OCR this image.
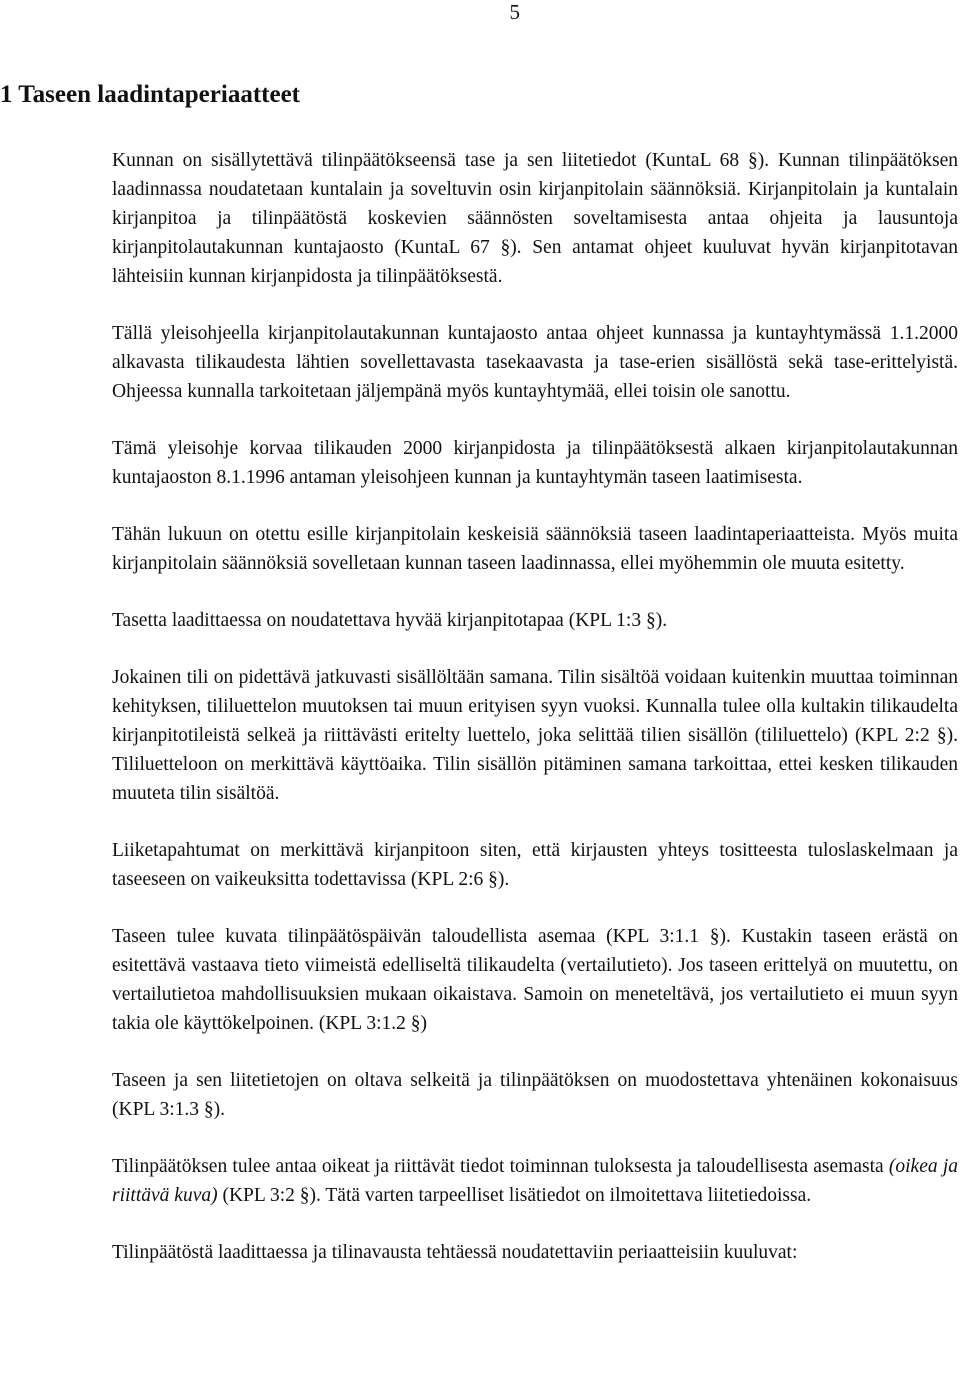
5
1 Taseen laadintaperiaatteet

Kunnan on sisällytettävä tilinpäätökseensä tase ja sen liitetiedot (KuntaL 68 §). Kunnan tilinpäätöksen laadinnassa noudatetaan kuntalain ja soveltuvin osin kirjanpitolain säännöksiä. Kirjanpitolain ja kuntalain kirjanpitoa ja tilinpäätöstä koskevien säännösten soveltamisesta antaa ohjeita ja lausuntoja kirjanpitolautakunnan kuntajaosto (KuntaL 67 §). Sen antamat ohjeet kuuluvat hyvän kirjanpitotavan lähteisiin kunnan kirjanpidosta ja tilinpäätöksestä.

Tällä yleisohjeella kirjanpitolautakunnan kuntajaosto antaa ohjeet kunnassa ja kuntayhtymässä 1.1.2000 alkavasta tilikaudesta lähtien sovellettavasta tasekaavasta ja tase-erien sisällöstä sekä tase-erittelyistä. Ohjeessa kunnalla tarkoitetaan jäljempänä myös kuntayhtymää, ellei toisin ole sanottu.

Tämä yleisohje korvaa tilikauden 2000 kirjanpidosta ja tilinpäätöksestä alkaen kirjanpitolautakunnan kuntajaoston 8.1.1996 antaman yleisohjeen kunnan ja kuntayhtymän taseen laatimisesta.

Tähän lukuun on otettu esille kirjanpitolain keskeisiä säännöksiä taseen laadintaperiaatteista. Myös muita kirjanpitolain säännöksiä sovelletaan kunnan taseen laadinnassa, ellei myöhemmin ole muuta esitetty.

Tasetta laadittaessa on noudatettava hyvää kirjanpitotapaa (KPL 1:3 §).

Jokainen tili on pidettävä jatkuvasti sisällöltään samana. Tilin sisältöä voidaan kuitenkin muuttaa toiminnan kehityksen, tililuettelon muutoksen tai muun erityisen syyn vuoksi. Kunnalla tulee olla kultakin tilikaudelta kirjanpitotileistä selkeä ja riittävästi eritelty luettelo, joka selittää tilien sisällön (tililuettelo) (KPL 2:2 §). Tililuetteloon on merkittävä käyttöaika. Tilin sisällön pitäminen samana tarkoittaa, ettei kesken tilikauden muuteta tilin sisältöä.

Liiketapahtumat on merkittävä kirjanpitoon siten, että kirjausten yhteys tositteesta tuloslaskelmaan ja taseeseen on vaikeuksitta todettavissa (KPL 2:6 §).

Taseen tulee kuvata tilinpäätöspäivän taloudellista asemaa (KPL 3:1.1 §). Kustakin taseen erästä on esitettävä vastaava tieto viimeistä edelliseltä tilikaudelta (vertailutieto). Jos taseen erittelyä on muutettu, on vertailutietoa mahdollisuuksien mukaan oikaistava. Samoin on meneteltävä, jos vertailutieto ei muun syyn takia ole käyttökelpoinen. (KPL 3:1.2 §)

Taseen ja sen liitetietojen on oltava selkeitä ja tilinpäätöksen on muodostettava yhtenäinen kokonaisuus (KPL 3:1.3 §).

Tilinpäätöksen tulee antaa oikeat ja riittävät tiedot toiminnan tuloksesta ja taloudellisesta asemasta (oikea ja riittävä kuva) (KPL 3:2 §). Tätä varten tarpeelliset lisätiedot on ilmoitettava liitetiedoissa.

Tilinpäätöstä laadittaessa ja tilinavausta tehtäessä noudatettaviin periaatteisiin kuuluvat:
